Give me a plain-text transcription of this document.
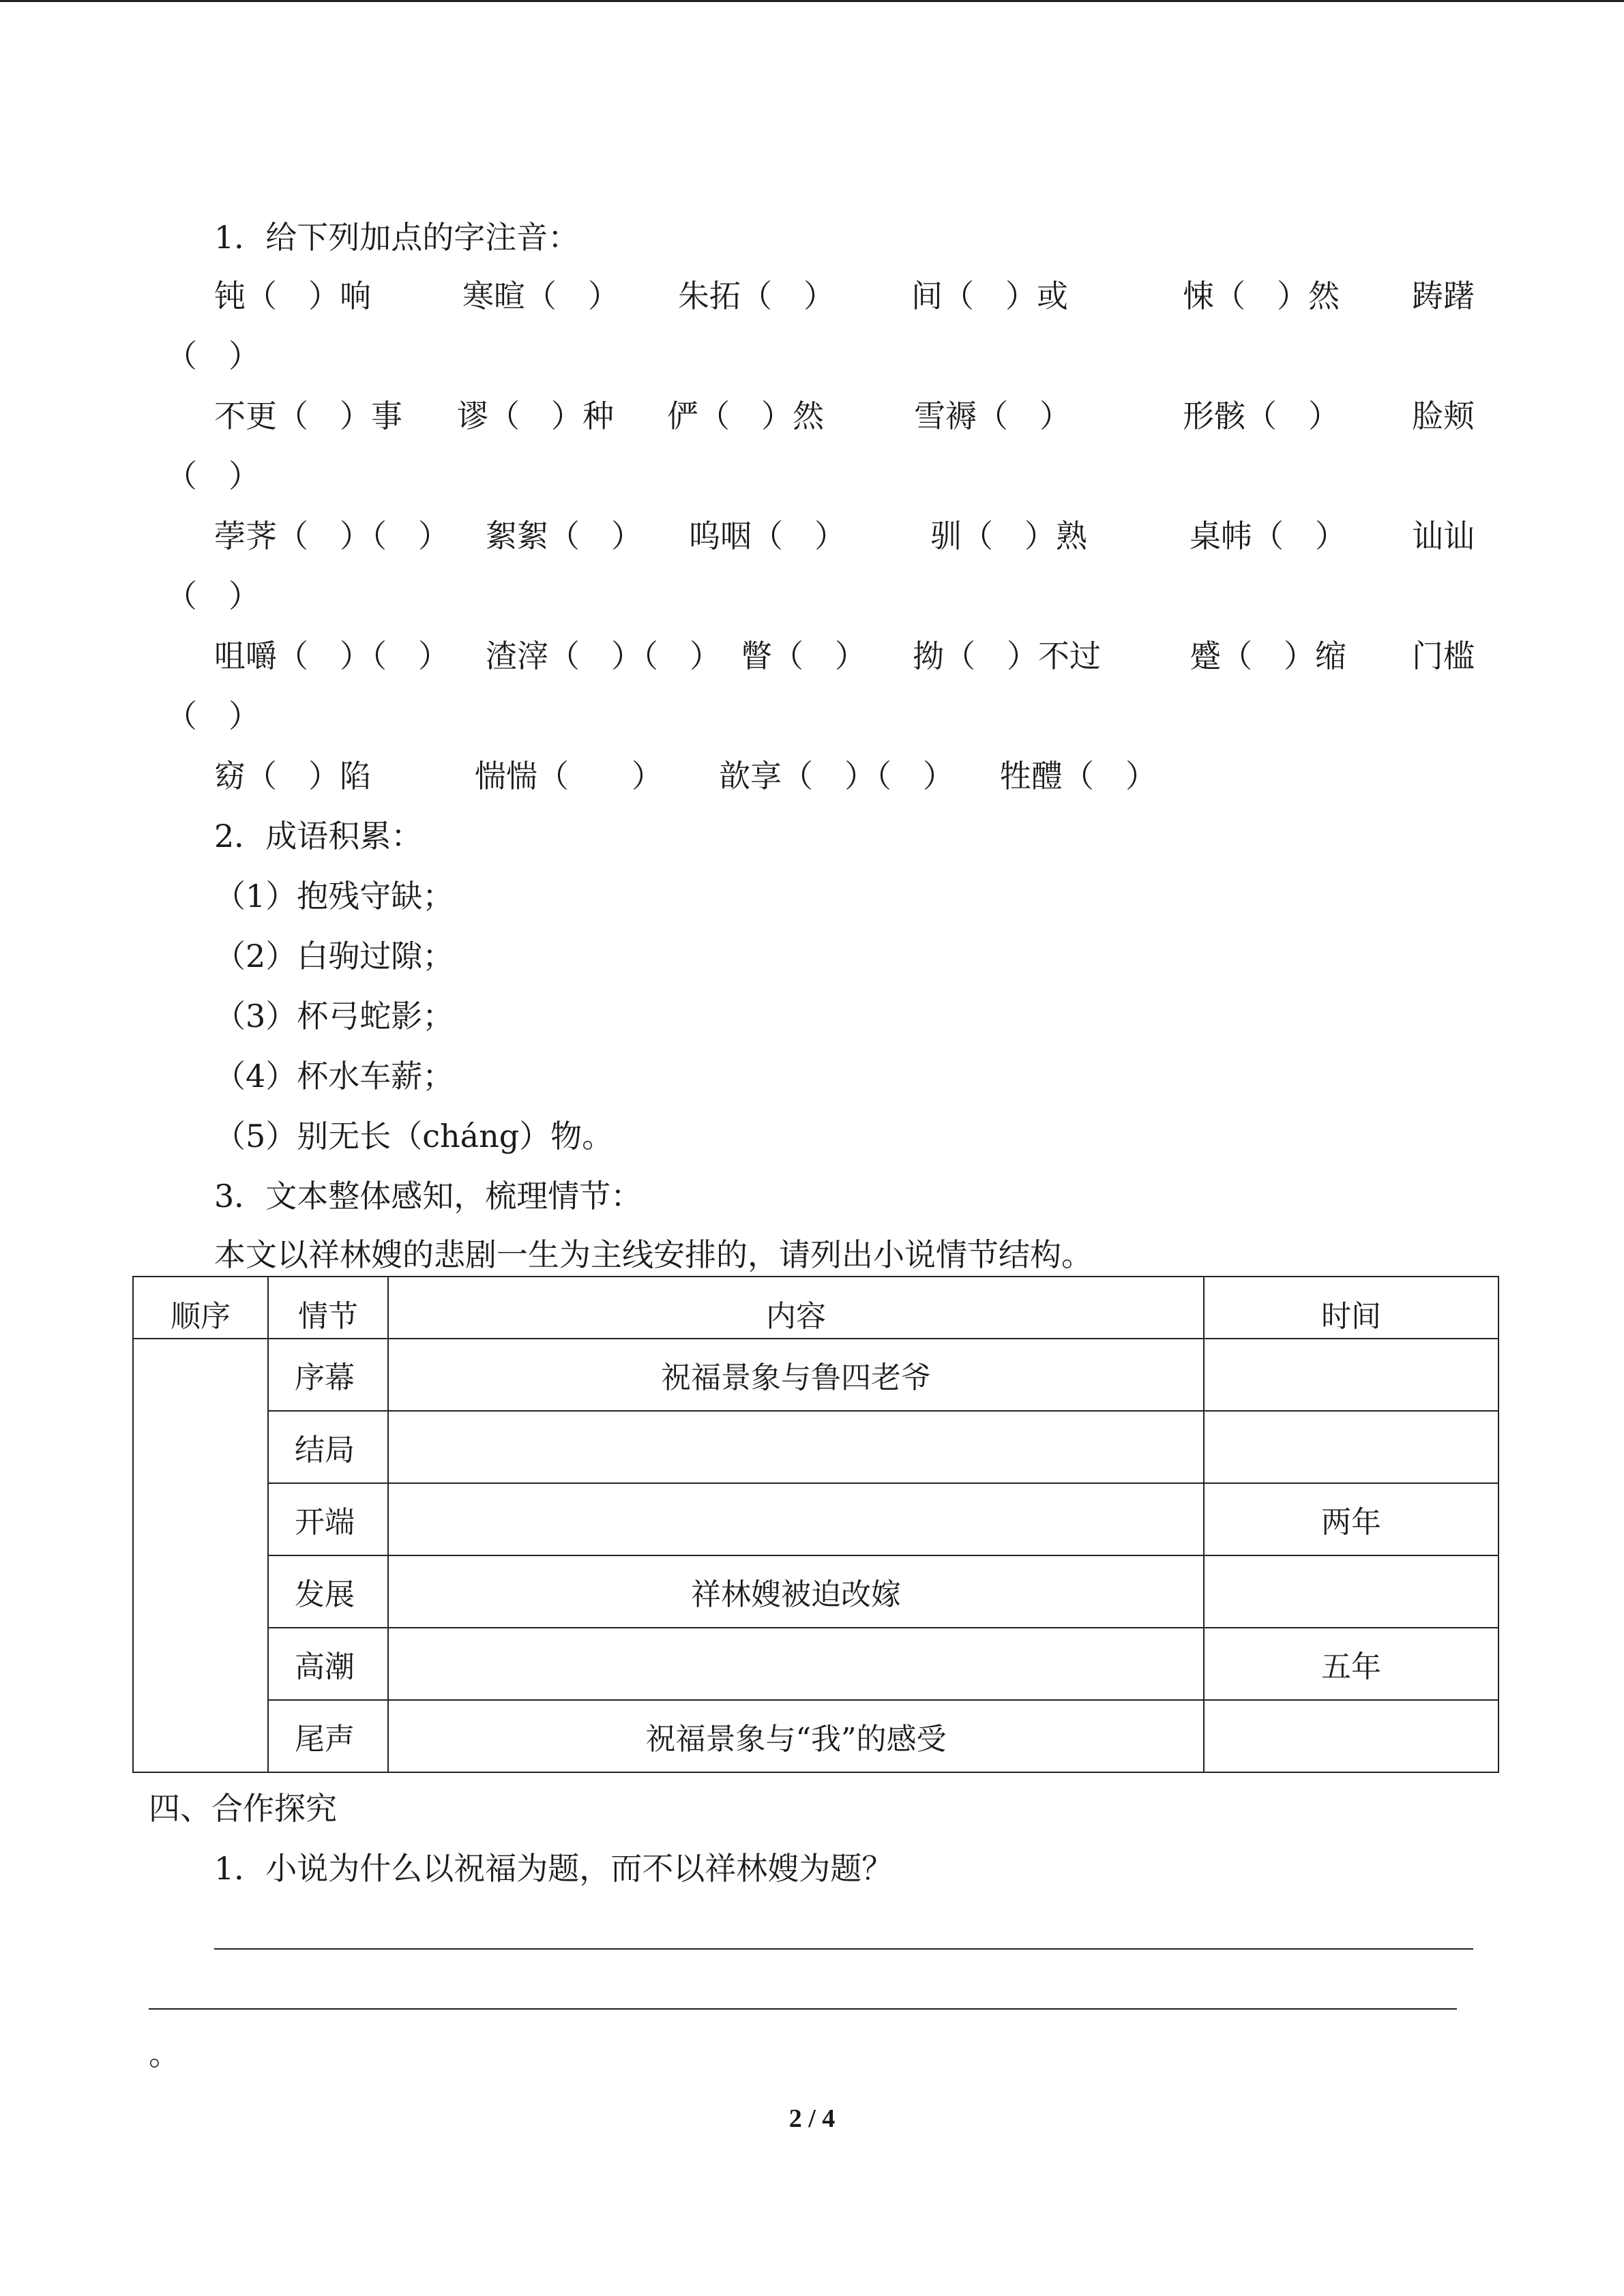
1．给下列加点的字注音：
钝（　）响	寒暄（　） 朱拓（　） 间（　）或	悚（　）然 踌躇
（　）
不更（　）事 谬（　）种 俨（　）然	雪褥（　）	形骸（　） 脸颊
（　）
荸荠（　）（　） 絮絮（　） 呜咽（　）	驯（　）熟	桌帏（　） 讪讪
（　）
咀嚼（　）（　） 渣滓（　）（　） 瞥（　） 拗（　）不过	蹙（　）缩 门槛
（　）
窈（　）陷	惴惴（　　） 歆享（　）（　） 牲醴（　）
2．成语积累：
（1）抱残守缺；
（2）白驹过隙；
（3）杯弓蛇影；
（4）杯水车薪；
（5）别无长（cháng）物。
3．文本整体感知，梳理情节：
本文以祥林嫂的悲剧一生为主线安排的，请列出小说情节结构。
顺序	情节	内容	时间
	序幕	祝福景象与鲁四老爷	
	结局		
	开端		两年
	发展	祥林嫂被迫改嫁	
	高潮		五年
	尾声	祝福景象与“我”的感受	
四、合作探究
1．小说为什么以祝福为题，而不以祥林嫂为题？
。
2 / 4
